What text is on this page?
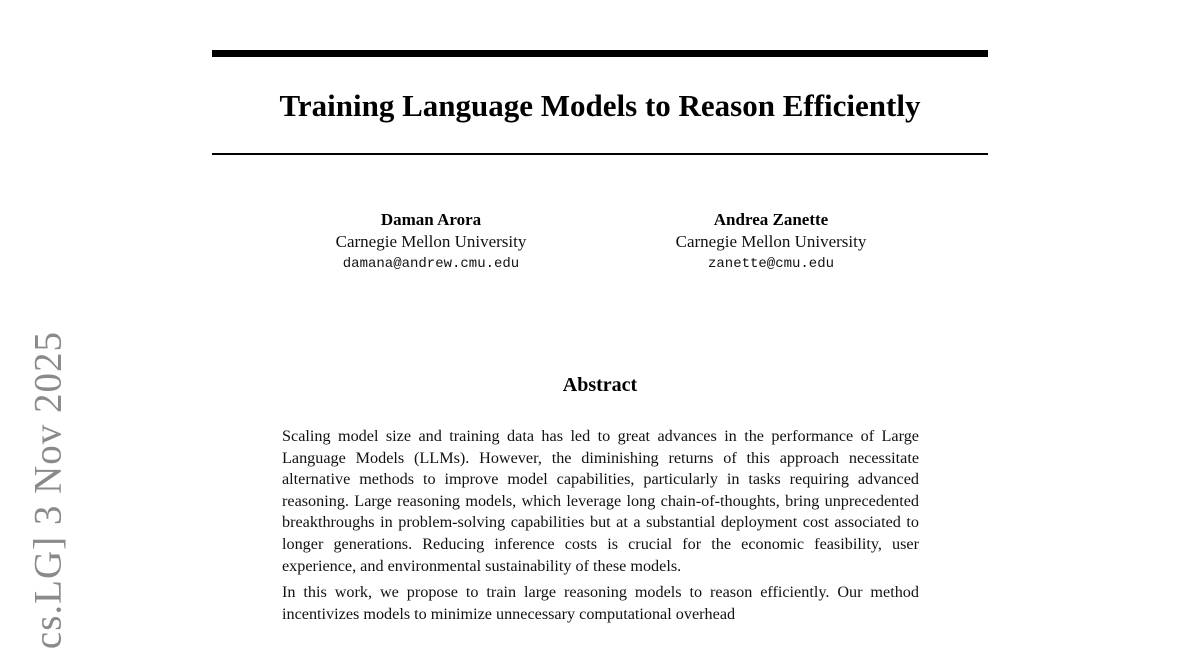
Training Language Models to Reason Efficiently
Daman Arora
Carnegie Mellon University
damana@andrew.cmu.edu
Andrea Zanette
Carnegie Mellon University
zanette@cmu.edu
cs.LG] 3 Nov 2025	Abstract

Scaling model size and training data has led to great advances in the performance of Large Language Models (LLMs). However, the diminishing returns of this approach necessitate alternative methods to improve model capabilities, particularly in tasks requiring advanced reasoning. Large reasoning models, which leverage long chain-of-thoughts, bring unprecedented breakthroughs in problem-solving capabilities but at a substantial deployment cost associated to longer generations. Reducing inference costs is crucial for the economic feasibility, user experience, and environmental sustainability of these models.

In this work, we propose to train large reasoning models to reason efficiently. Our method incentivizes models to minimize unnecessary computational overhead
